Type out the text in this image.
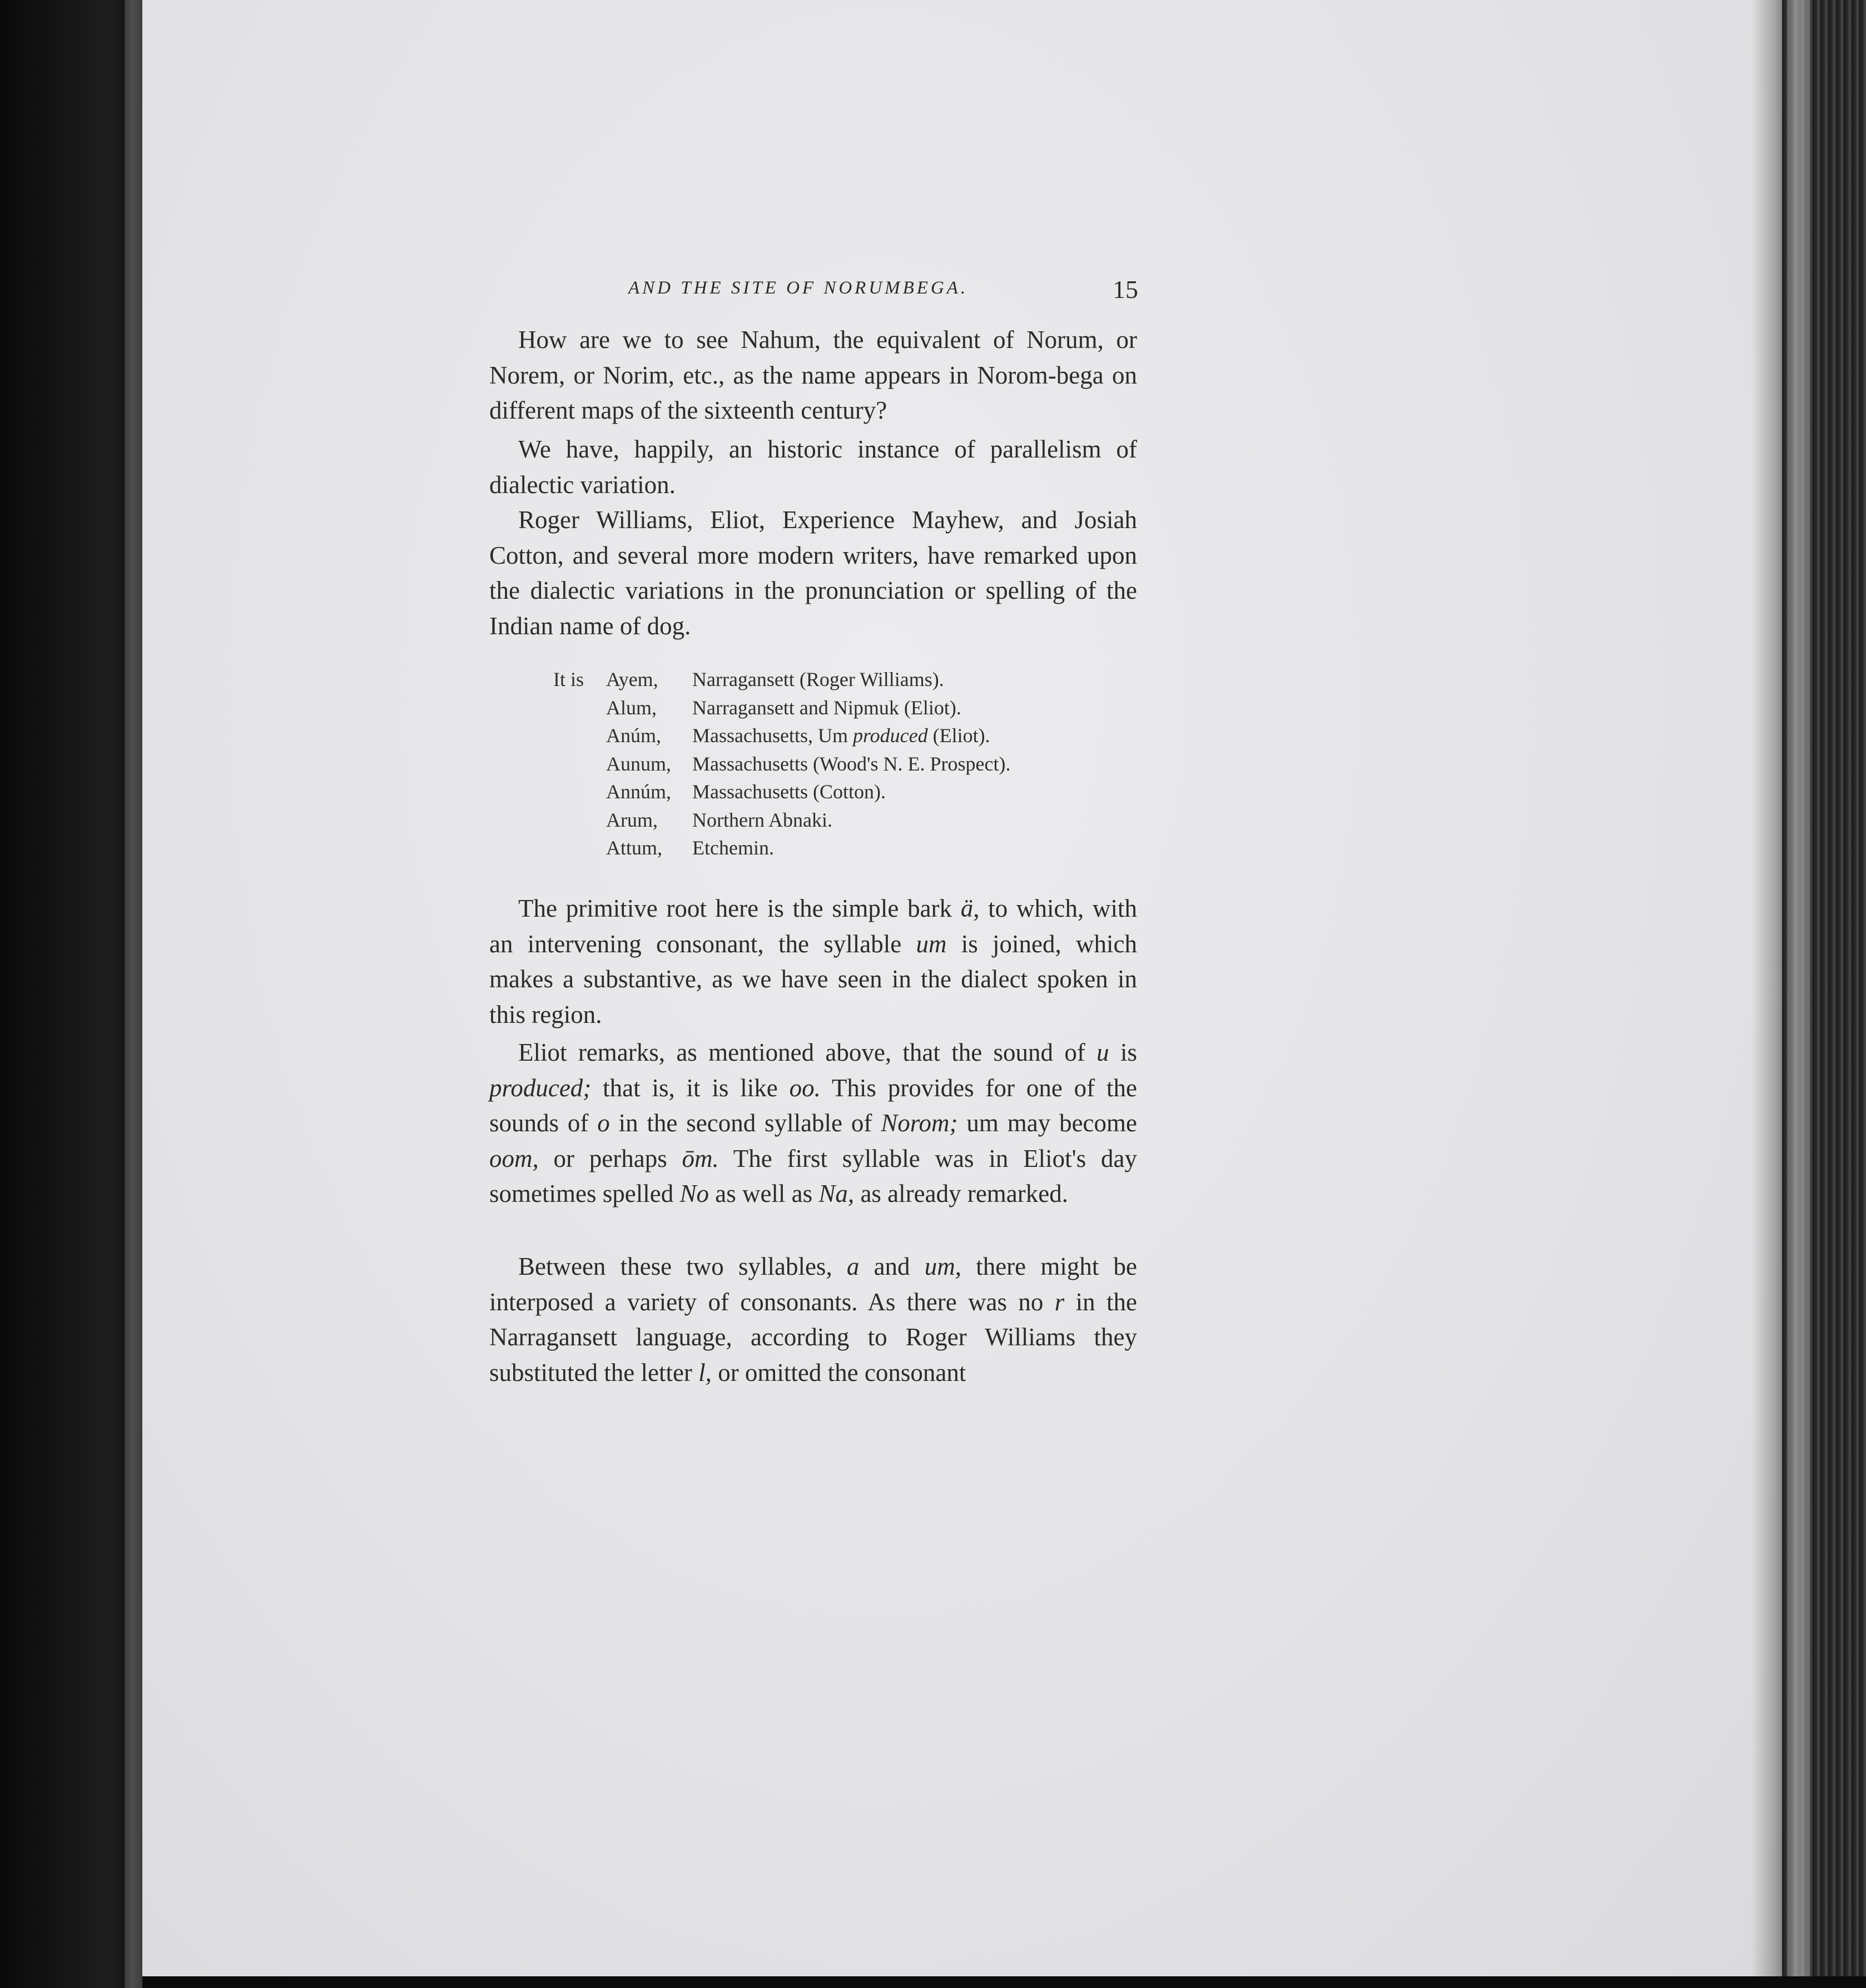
AND THE SITE OF NORUMBEGA.	15

How are we to see Nahum, the equivalent of Norum, or Norem, or Norim, etc., as the name appears in Norom-bega on different maps of the sixteenth century?

We have, happily, an historic instance of parallelism of dialectic variation.

Roger Williams, Eliot, Experience Mayhew, and Josiah Cotton, and several more modern writers, have remarked upon the dialectic variations in the pronunciation or spelling of the Indian name of dog.

It is	Ayem, Narragansett (Roger Williams).
Alum, Narragansett and Nipmuk (Eliot).
Anúm, Massachusetts, Um produced (Eliot).
Aunum, Massachusetts (Wood's N. E. Prospect).
Annúm, Massachusetts (Cotton).
Arum, Northern Abnaki.
Attum, Etchemin.

The primitive root here is the simple bark ä, to which, with an intervening consonant, the syllable um is joined, which makes a substantive, as we have seen in the dialect spoken in this region.

Eliot remarks, as mentioned above, that the sound of u is produced; that is, it is like oo. This provides for one of the sounds of o in the second syllable of Norom; um may become oom, or perhaps ōm. The first syllable was in Eliot's day sometimes spelled No as well as Na, as already remarked.

Between these two syllables, a and um, there might be interposed a variety of consonants. As there was no r in the Narragansett language, according to Roger Williams they substituted the letter l, or omitted the consonant
